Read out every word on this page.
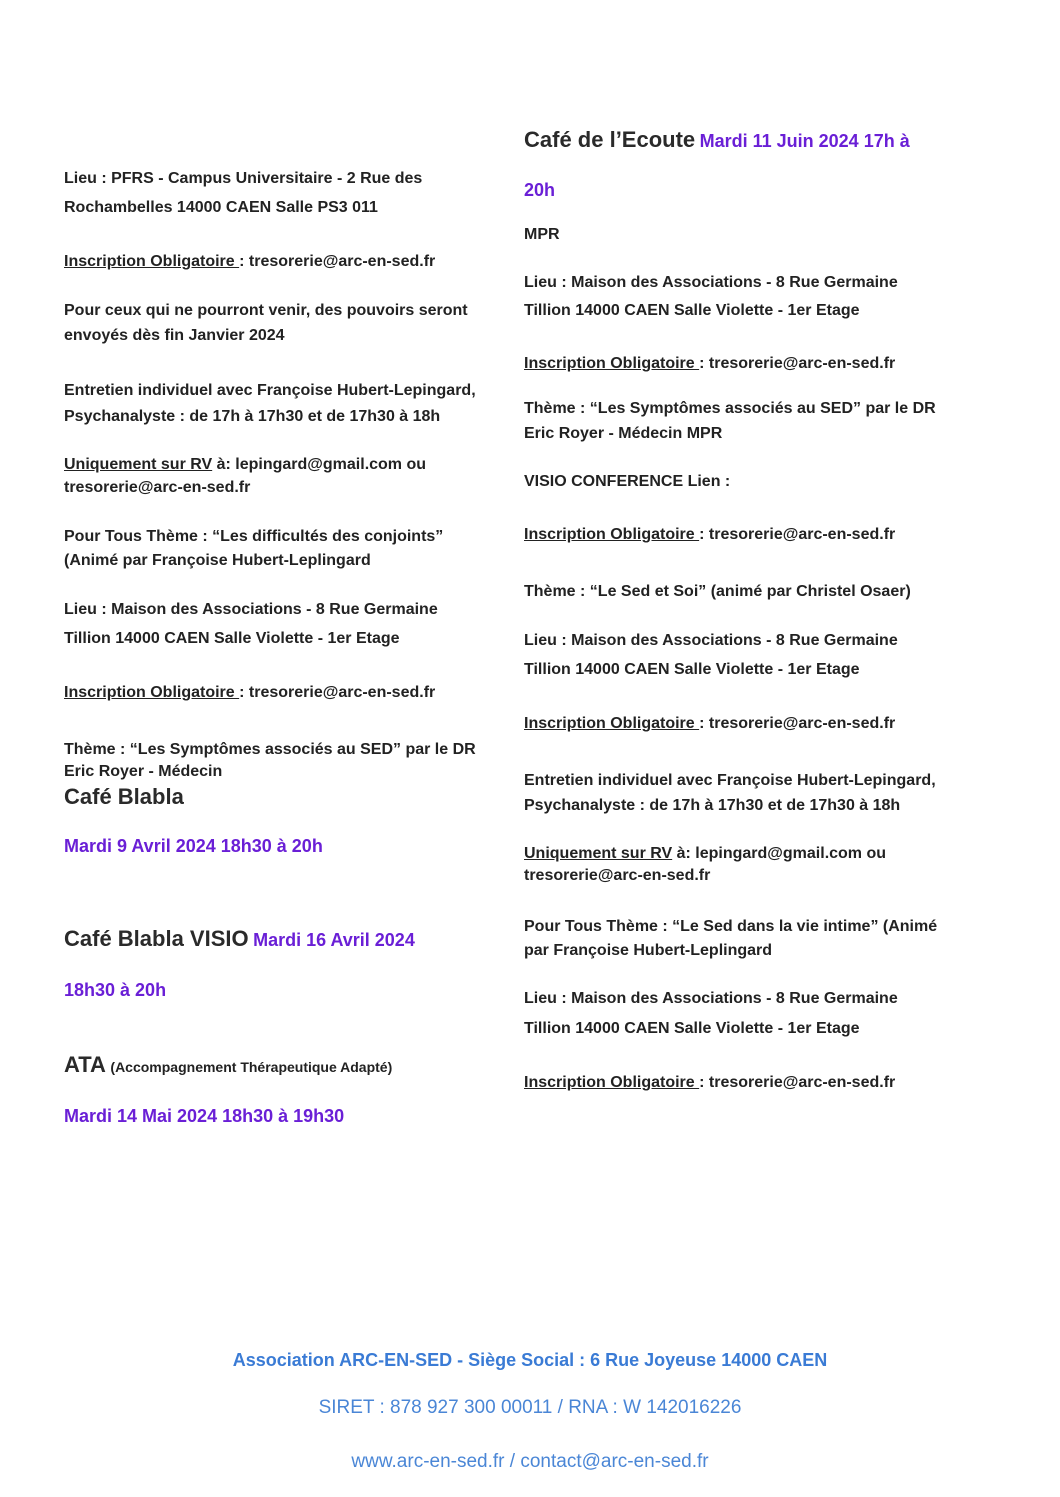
Lieu : PFRS - Campus Universitaire - 2 Rue des
Rochambelles 14000 CAEN Salle PS3 011
Inscription Obligatoire : tresorerie@arc-en-sed.fr
Pour ceux qui ne pourront venir, des pouvoirs seront
envoyés dès fin Janvier 2024
Entretien individuel avec Françoise Hubert-Lepingard,
Psychanalyste : de 17h à 17h30 et de 17h30 à 18h
Uniquement sur RV à: lepingard@gmail.com ou
tresorerie@arc-en-sed.fr
Pour Tous Thème : “Les difficultés des conjoints”
(Animé par Françoise Hubert-Leplingard
Lieu : Maison des Associations - 8 Rue Germaine
Tillion 14000 CAEN Salle Violette - 1er Etage
Inscription Obligatoire : tresorerie@arc-en-sed.fr
Thème : “Les Symptômes associés au SED” par le DR
Eric Royer - Médecin
Café Blabla
Mardi 9 Avril 2024 18h30 à 20h
Café Blabla VISIO Mardi 16 Avril 2024
18h30 à 20h
ATA (Accompagnement Thérapeutique Adapté)
Mardi 14 Mai 2024 18h30 à 19h30
Café de l’Ecoute Mardi 11 Juin 2024 17h à
20h
MPR
Lieu : Maison des Associations - 8 Rue Germaine
Tillion 14000 CAEN Salle Violette - 1er Etage
Inscription Obligatoire : tresorerie@arc-en-sed.fr
Thème : “Les Symptômes associés au SED” par le DR
Eric Royer - Médecin MPR
VISIO CONFERENCE Lien :
Inscription Obligatoire : tresorerie@arc-en-sed.fr
Thème : “Le Sed et Soi” (animé par Christel Osaer)
Lieu : Maison des Associations - 8 Rue Germaine
Tillion 14000 CAEN Salle Violette - 1er Etage
Inscription Obligatoire : tresorerie@arc-en-sed.fr
Entretien individuel avec Françoise Hubert-Lepingard,
Psychanalyste : de 17h à 17h30 et de 17h30 à 18h
Uniquement sur RV à: lepingard@gmail.com ou
tresorerie@arc-en-sed.fr
Pour Tous Thème : “Le Sed dans la vie intime” (Animé
par Françoise Hubert-Leplingard
Lieu : Maison des Associations - 8 Rue Germaine
Tillion 14000 CAEN Salle Violette - 1er Etage
Inscription Obligatoire : tresorerie@arc-en-sed.fr
Association ARC-EN-SED - Siège Social : 6 Rue Joyeuse 14000 CAEN
SIRET : 878 927 300 00011 / RNA : W 142016226
www.arc-en-sed.fr / contact@arc-en-sed.fr
